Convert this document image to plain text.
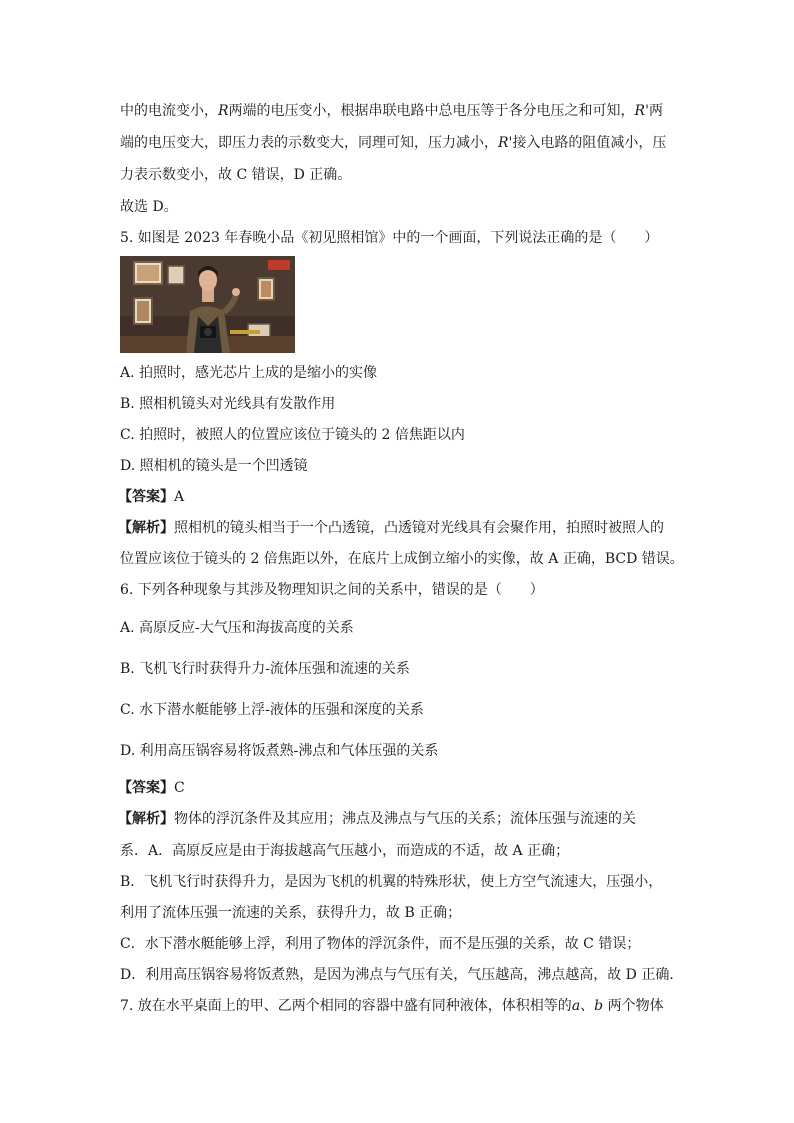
中的电流变小，R两端的电压变小，根据串联电路中总电压等于各分电压之和可知，R'两
端的电压变大，即压力表的示数变大，同理可知，压力减小，R'接入电路的阻值减小，压
力表示数变小，故 C 错误，D 正确。
故选 D。
5. 如图是 2023 年春晚小品《初见照相馆》中的一个画面，下列说法正确的是（　　）
A. 拍照时，感光芯片上成的是缩小的实像
B. 照相机镜头对光线具有发散作用
C. 拍照时，被照人的位置应该位于镜头的 2 倍焦距以内
D. 照相机的镜头是一个凹透镜
【答案】A
【解析】照相机的镜头相当于一个凸透镜，凸透镜对光线具有会聚作用，拍照时被照人的
位置应该位于镜头的 2 倍焦距以外，在底片上成倒立缩小的实像，故 A 正确，BCD 错误。
6. 下列各种现象与其涉及物理知识之间的关系中，错误的是（　　）
A. 高原反应-大气压和海拔高度的关系
B. 飞机飞行时获得升力-流体压强和流速的关系
C. 水下潜水艇能够上浮-液体的压强和深度的关系
D. 利用高压锅容易将饭煮熟-沸点和气体压强的关系
【答案】C
【解析】物体的浮沉条件及其应用；沸点及沸点与气压的关系；流体压强与流速的关
系．A．高原反应是由于海拔越高气压越小，而造成的不适，故 A 正确；
B．飞机飞行时获得升力，是因为飞机的机翼的特殊形状，使上方空气流速大，压强小，
利用了流体压强一流速的关系，获得升力，故 B 正确；
C．水下潜水艇能够上浮，利用了物体的浮沉条件，而不是压强的关系，故 C 错误；
D．利用高压锅容易将饭煮熟，是因为沸点与气压有关，气压越高，沸点越高，故 D 正确．
7. 放在水平桌面上的甲、乙两个相同的容器中盛有同种液体，体积相等的a、b 两个物体
